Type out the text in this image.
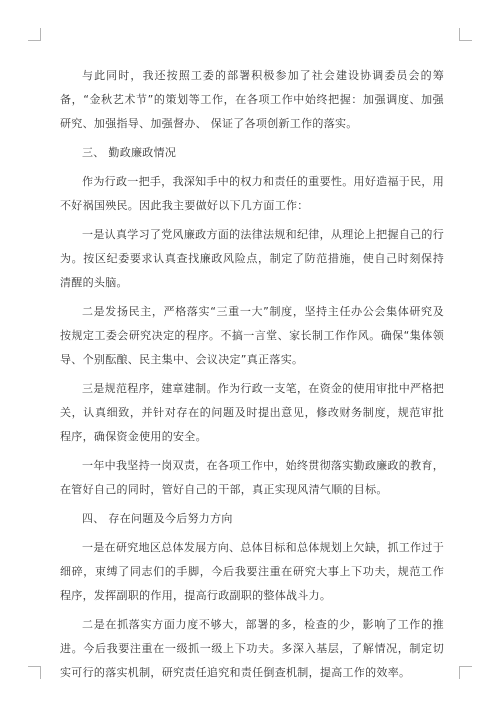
与此同时，我还按照工委的部署积极参加了社会建设协调委员会的筹备，“金秋艺术节”的策划等工作，在各项工作中始终把握：加强调度、加强研究、加强指导、加强督办、 保证了各项创新工作的落实。

三、 勤政廉政情况

作为行政一把手，我深知手中的权力和责任的重要性。用好造福于民，用不好祸国殃民。因此我主要做好以下几方面工作：

一是认真学习了党风廉政方面的法律法规和纪律，从理论上把握自己的行为。按区纪委要求认真查找廉政风险点，制定了防范措施，使自己时刻保持清醒的头脑。

二是发扬民主，严格落实“三重一大”制度，坚持主任办公会集体研究及按规定工委会研究决定的程序。不搞一言堂、家长制工作作风。确保“集体领导、个别酝酿、民主集中、会议决定”真正落实。

三是规范程序，建章建制。作为行政一支笔，在资金的使用审批中严格把关，认真细致，并针对存在的问题及时提出意见，修改财务制度，规范审批程序，确保资金使用的安全。

一年中我坚持一岗双责，在各项工作中，始终贯彻落实勤政廉政的教育，在管好自己的同时，管好自己的干部，真正实现风清气顺的目标。

四、 存在问题及今后努力方向

一是在研究地区总体发展方向、总体目标和总体规划上欠缺，抓工作过于细碎，束缚了同志们的手脚，今后我要注重在研究大事上下功夫，规范工作程序，发挥副职的作用，提高行政副职的整体战斗力。

二是在抓落实方面力度不够大，部署的多，检查的少，影响了工作的推进。今后我要注重在一级抓一级上下功夫。多深入基层，了解情况，制定切实可行的落实机制，研究责任追究和责任倒查机制，提高工作的效率。
